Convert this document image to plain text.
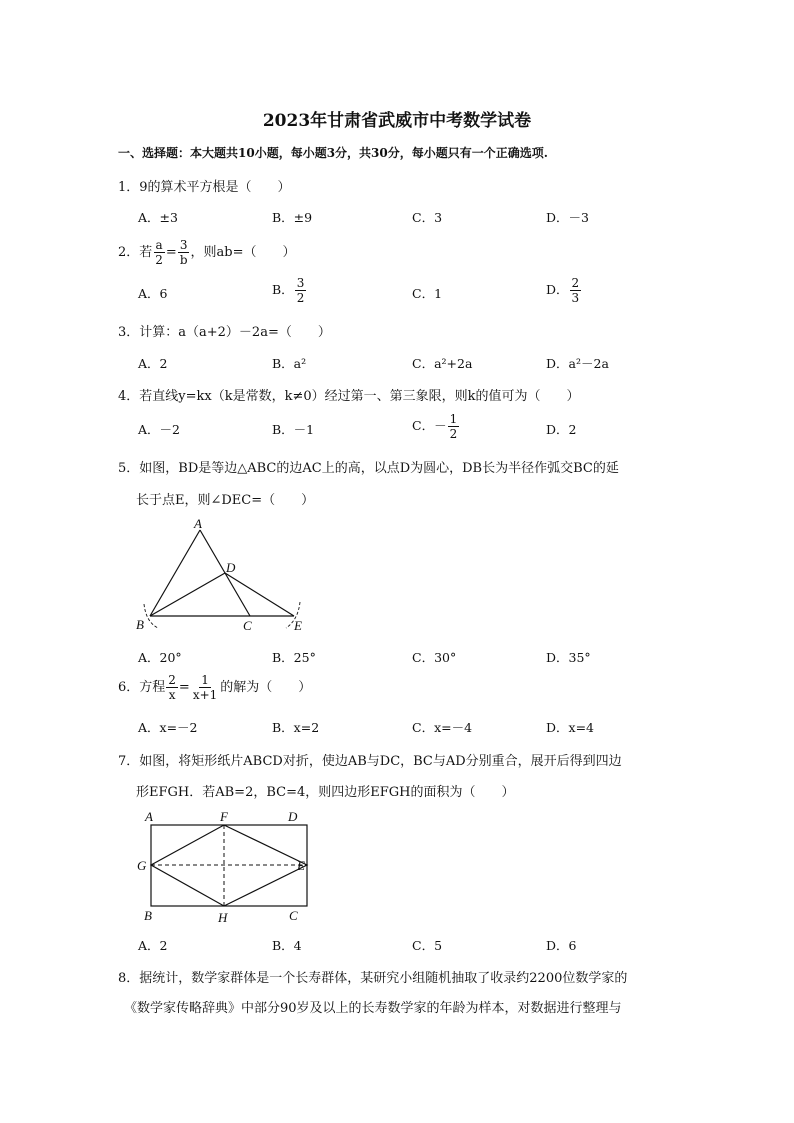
2023年甘肃省武威市中考数学试卷
一、选择题：本大题共10小题，每小题3分，共30分，每小题只有一个正确选项.
1．9的算术平方根是（　　）
A．±3	B．±9	C．3	D．－3
2．若 $\frac{a}{2} = \frac{3}{b}$ ，则ab=（　　）
A．6	B． $\frac{3}{2}$	C．1	D． $\frac{2}{3}$
3．计算：a（a+2）－2a=（　　）
A．2	B．a²	C．a²+2a	D．a²－2a
4．若直线y=kx（k是常数，k≠0）经过第一、第三象限，则k的值可为（　　）
A．－2	B．－1	C．－ $\frac{1}{2}$	D．2
5．如图，BD是等边△ABC的边AC上的高，以点D为圆心，DB长为半径作弧交BC的延
长于点E，则∠DEC=（　　）
A
B	C
D
E
A．20°	B．25°	C．30°	D．35°
6．方程 $\frac{2}{x} = \frac{1}{x+1}$ 的解为（　　）
A．x=－2	B．x=2	C．x=－4	D．x=4
7．如图，将矩形纸片ABCD对折，使边AB与DC，BC与AD分别重合，展开后得到四边
形EFGH．若AB=2，BC=4，则四边形EFGH的面积为（　　）
A	F	D
G	E
B	H	C
A．2	B．4	C．5	D．6
8．据统计，数学家群体是一个长寿群体，某研究小组随机抽取了收录约2200位数学家的
《数学家传略辞典》中部分90岁及以上的长寿数学家的年龄为样本，对数据进行整理与
